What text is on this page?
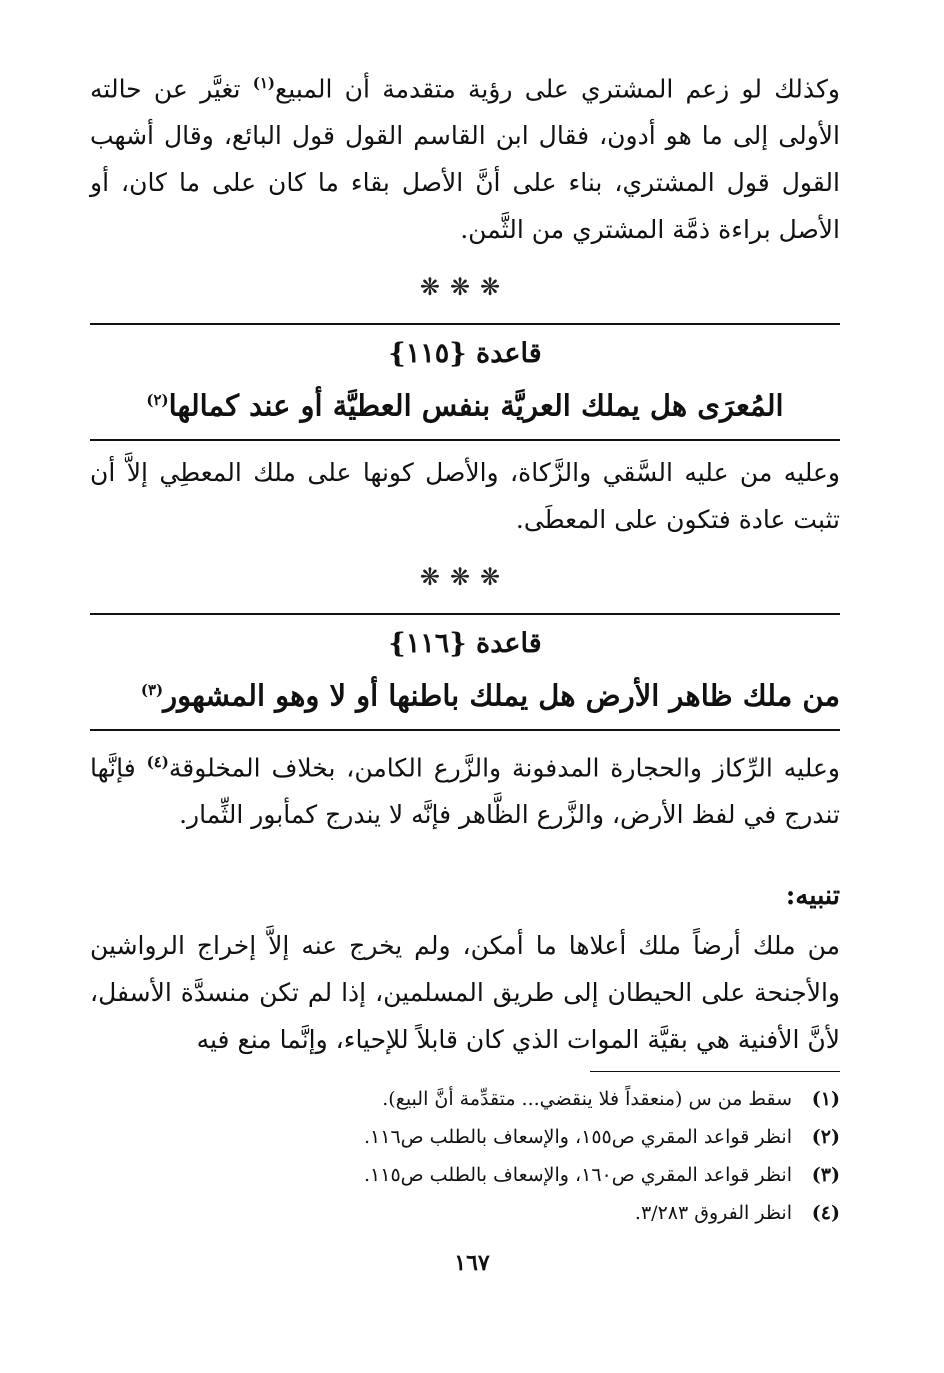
وكذلك لو زعم المشتري على رؤية متقدمة أن المبيع$^{(١)}$ تغيَّر عن حالته الأولى إلى ما هو أدون، فقال ابن القاسم القول قول البائع، وقال أشهب القول قول المشتري، بناء على أنَّ الأصل بقاء ما كان على ما كان، أو الأصل براءة ذمَّة المشتري من الثَّمن.

❋❋❋
قاعدة {١١٥}
المُعرَى هل يملك العريَّة بنفس العطيَّة أو عند كمالها$^{(٢)}$

وعليه من عليه السَّقي والزَّكاة، والأصل كونها على ملك المعطِي إلاَّ أن تثبت عادة فتكون على المعطَى.

❋❋❋
قاعدة {١١٦}
من ملك ظاهر الأرض هل يملك باطنها أو لا وهو المشهور$^{(٣)}$

وعليه الرِّكاز والحجارة المدفونة والزَّرع الكامن، بخلاف المخلوقة$^{(٤)}$ فإنَّها تندرج في لفظ الأرض، والزَّرع الظَّاهر فإنَّه لا يندرج كمأبور الثِّمار.

تنبيه:

من ملك أرضاً ملك أعلاها ما أمكن، ولم يخرج عنه إلاَّ إخراج الرواشين والأجنحة على الحيطان إلى طريق المسلمين، إذا لم تكن منسدَّة الأسفل، لأنَّ الأفنية هي بقيَّة الموات الذي كان قابلاً للإحياء، وإنَّما منع فيه

(١)
سقط من س (منعقداً فلا ينقضي... متقدِّمة أنَّ البيع).
(٢)
انظر قواعد المقري ص١٥٥، والإسعاف بالطلب ص١١٦.
(٣)
انظر قواعد المقري ص١٦٠، والإسعاف بالطلب ص١١٥.
(٤)
انظر الفروق ٣/٢٨٣.
١٦٧
